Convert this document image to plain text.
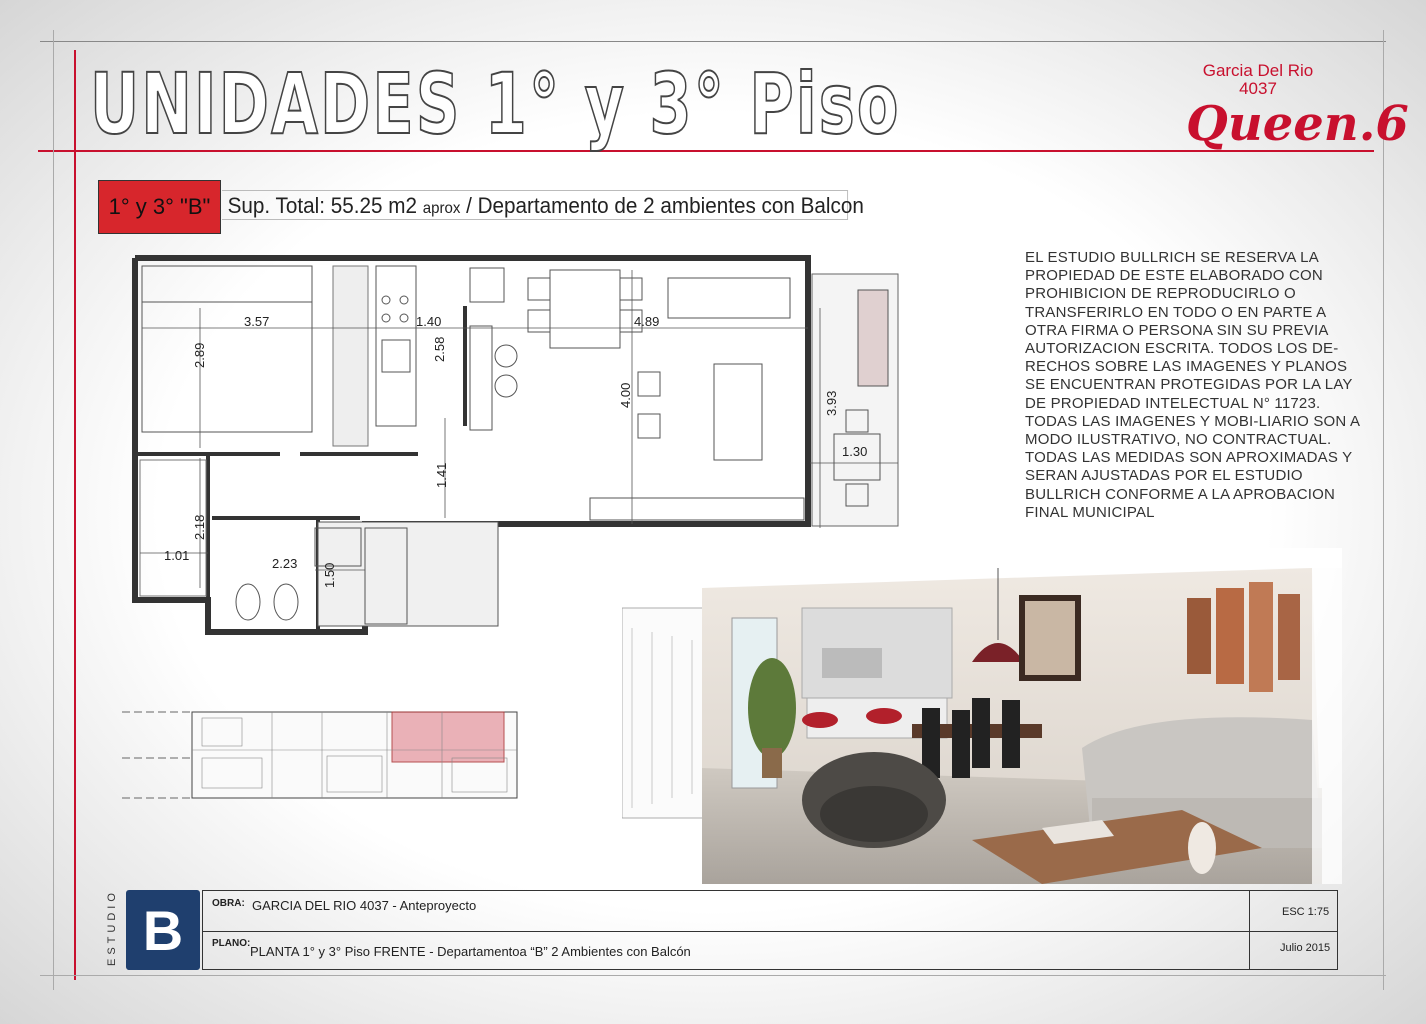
UNIDADES 1° y 3° Piso	Garcia Del Rio
4037
Queen.6
1° y 3° "B" Sup. Total: 55.25 m2 aprox / Departamento de 2 ambientes con Balcon
EL ESTUDIO BULLRICH SE RESERVA LA PROPIEDAD DE ESTE ELABORADO CON PROHIBICION DE REPRODUCIRLO O TRANSFERIRLO EN TODO O EN PARTE A OTRA FIRMA O PERSONA SIN SU PREVIA AUTORIZACION ESCRITA. TODOS LOS DE-RECHOS SOBRE LAS IMAGENES Y PLANOS SE ENCUENTRAN PROTEGIDAS POR LA LAY DE PROPIEDAD INTELECTUAL N° 11723. TODAS LAS IMAGENES Y MOBI-LIARIO SON A MODO ILUSTRATIVO, NO CONTRACTUAL. TODAS LAS MEDIDAS SON APROXIMADAS Y SERAN AJUSTADAS POR EL ESTUDIO BULLRICH CONFORME A LA APROBACION FINAL MUNICIPAL
3.57
2.89
1.40
2.58
4.89
4.00
1.41
3.93
1.30
2.18
1.01
2.23 1.50
ESTUDIO B	OBRA: GARCIA DEL RIO 4037 - Anteproyecto
PLANO:
PLANTA 1° y 3° Piso FRENTE - Departamentoa “B” 2 Ambientes con Balcón
ESC 1:75
Julio 2015
